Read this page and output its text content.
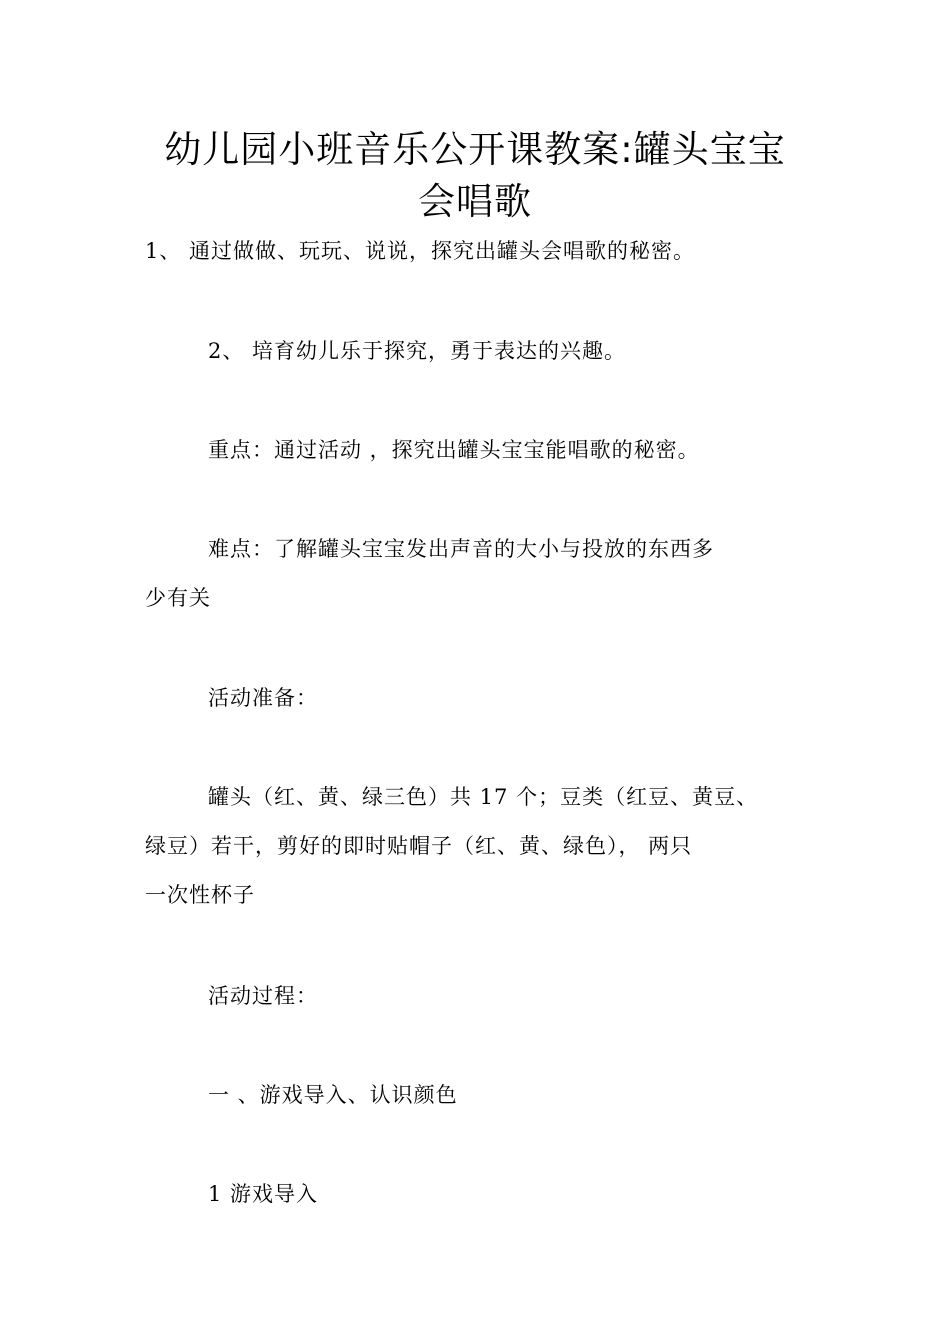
幼儿园小班音乐公开课教案:罐头宝宝
会唱歌
1、 通过做做、玩玩、说说，探究出罐头会唱歌的秘密。
2、 培育幼儿乐于探究，勇于表达的兴趣。
重点：通过活动 ，探究出罐头宝宝能唱歌的秘密。
难点：了解罐头宝宝发出声音的大小与投放的东西多
少有关
活动准备：
罐头（红、黄、绿三色）共 17 个；豆类（红豆、黄豆、
绿豆）若干，剪好的即时贴帽子（红、黄、绿色）， 两只
一次性杯子
活动过程：
一 、游戏导入、认识颜色
1 游戏导入
